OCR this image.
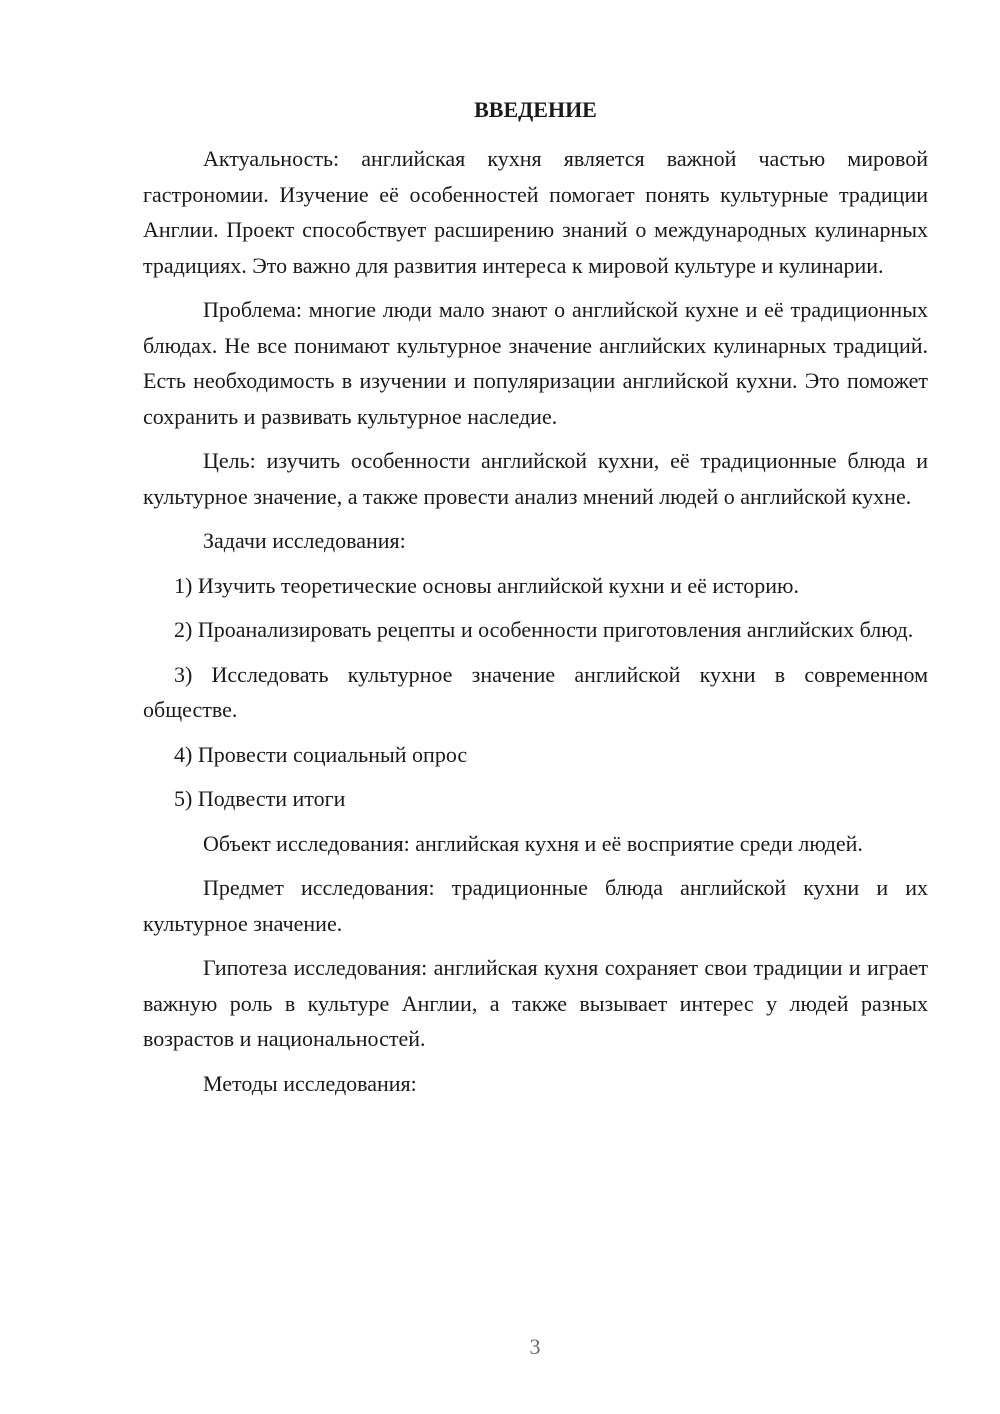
ВВЕДЕНИЕ

Актуальность: английская кухня является важной частью мировой гастрономии. Изучение её особенностей помогает понять культурные традиции Англии. Проект способствует расширению знаний о международных кулинарных традициях. Это важно для развития интереса к мировой культуре и кулинарии.

Проблема: многие люди мало знают о английской кухне и её традиционных блюдах. Не все понимают культурное значение английских кулинарных традиций. Есть необходимость в изучении и популяризации английской кухни. Это поможет сохранить и развивать культурное наследие.

Цель: изучить особенности английской кухни, её традиционные блюда и культурное значение, а также провести анализ мнений людей о английской кухне.

Задачи исследования:

1) Изучить теоретические основы английской кухни и её историю.

2) Проанализировать рецепты и особенности приготовления английских блюд.

3) Исследовать культурное значение английской кухни в современном обществе.

4) Провести социальный опрос

5) Подвести итоги

Объект исследования: английская кухня и её восприятие среди людей.

Предмет исследования: традиционные блюда английской кухни и их культурное значение.

Гипотеза исследования: английская кухня сохраняет свои традиции и играет важную роль в культуре Англии, а также вызывает интерес у людей разных возрастов и национальностей.

Методы исследования:

3
